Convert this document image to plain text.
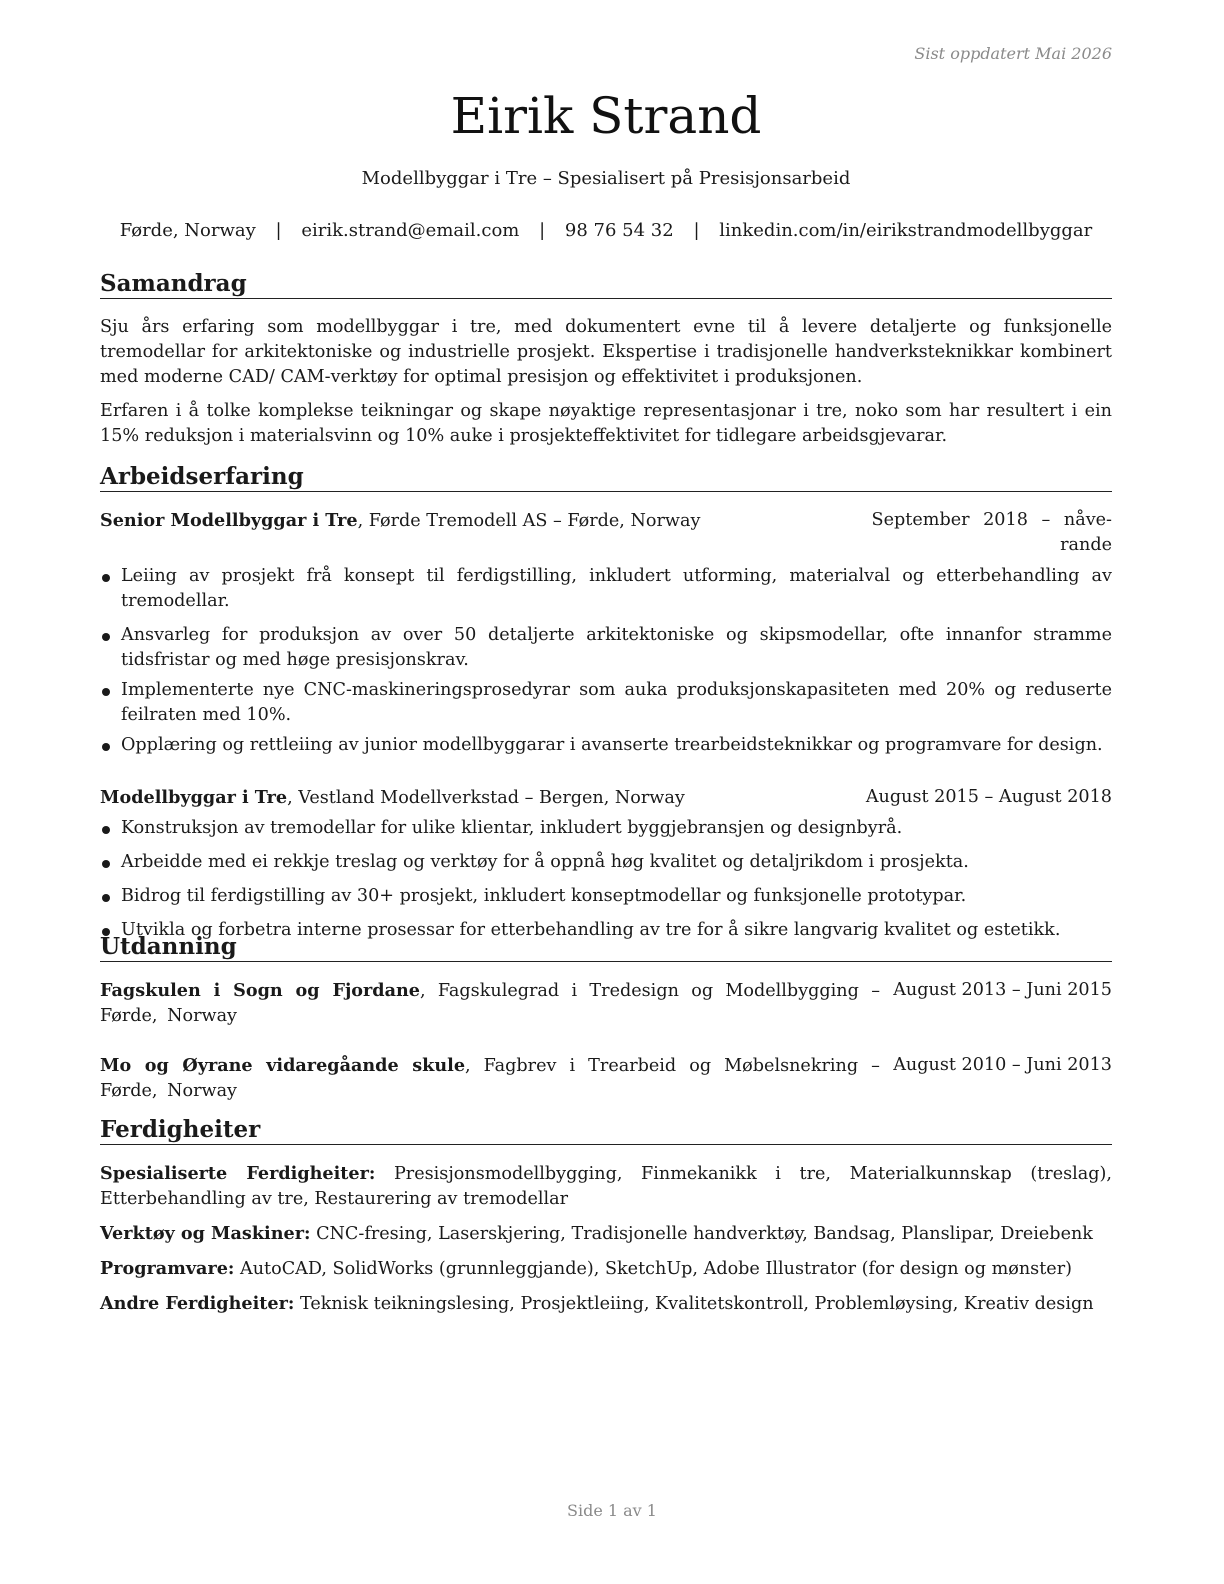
Sist oppdatert Mai 2026
Eirik Strand
Modellbyggar i Tre – Spesialisert på Presisjonsarbeid
Førde, Norway | eirik.strand@email.com | 98 76 54 32 | linkedin.com/in/eirikstrandmodellbyggar
Samandrag

Sju års erfaring som modellbyggar i tre, med dokumentert evne til å levere detaljerte og funksjonelle tremodellar for arkitektoniske og industrielle prosjekt. Ekspertise i tradisjonelle handverksteknikkar kombinert med moderne CAD/ CAM-verktøy for optimal presisjon og effektivitet i produksjonen.

Erfaren i å tolke komplekse teikningar og skape nøyaktige representasjonar i tre, noko som har resultert i ein 15% reduksjon i materialsvinn og 10% auke i prosjekteffektivitet for tidlegare arbeidsgjevarar.

Arbeidserfaring
Senior Modellbyggar i Tre, Førde Tremodell AS – Førde, Norway	September 2018 – nåve-
rande
Leiing av prosjekt frå konsept til ferdigstilling, inkludert utforming, materialval og etterbehandling av tremodellar.
Ansvarleg for produksjon av over 50 detaljerte arkitektoniske og skipsmodellar, ofte innanfor stramme tidsfristar og med høge presisjonskrav.
Implementerte nye CNC-maskineringsprosedyrar som auka produksjonskapasiteten med 20% og reduserte feilraten med 10%.
Opplæring og rettleiing av junior modellbyggarar i avanserte trearbeidsteknikkar og programvare for design.
Modellbyggar i Tre, Vestland Modellverkstad – Bergen, Norway	August 2015 – August 2018
Konstruksjon av tremodellar for ulike klientar, inkludert byggjebransjen og designbyrå.
Arbeidde med ei rekkje treslag og verktøy for å oppnå høg kvalitet og detaljrikdom i prosjekta.
Bidrog til ferdigstilling av 30+ prosjekt, inkludert konseptmodellar og funksjonelle prototypar.
Utvikla og forbetra interne prosessar for etterbehandling av tre for å sikre langvarig kvalitet og estetikk.
Utdanning
Fagskulen i Sogn og Fjordane, Fagskulegrad i Tredesign og Modellbygging – Førde, Norway
August 2013 – Juni 2015
Mo og Øyrane vidaregåande skule, Fagbrev i Trearbeid og Møbelsnekring – Førde, Norway
August 2010 – Juni 2013
Ferdigheiter
Spesialiserte Ferdigheiter: Presisjonsmodellbygging, Finmekanikk i tre, Materialkunnskap (treslag), Etterbehandling av tre, Restaurering av tremodellar
Verktøy og Maskiner: CNC-fresing, Laserskjering, Tradisjonelle handverktøy, Bandsag, Planslipar, Dreiebenk
Programvare: AutoCAD, SolidWorks (grunnleggjande), SketchUp, Adobe Illustrator (for design og mønster)
Andre Ferdigheiter: Teknisk teikningslesing, Prosjektleiing, Kvalitetskontroll, Problemløysing, Kreativ design
Side 1 av 1
